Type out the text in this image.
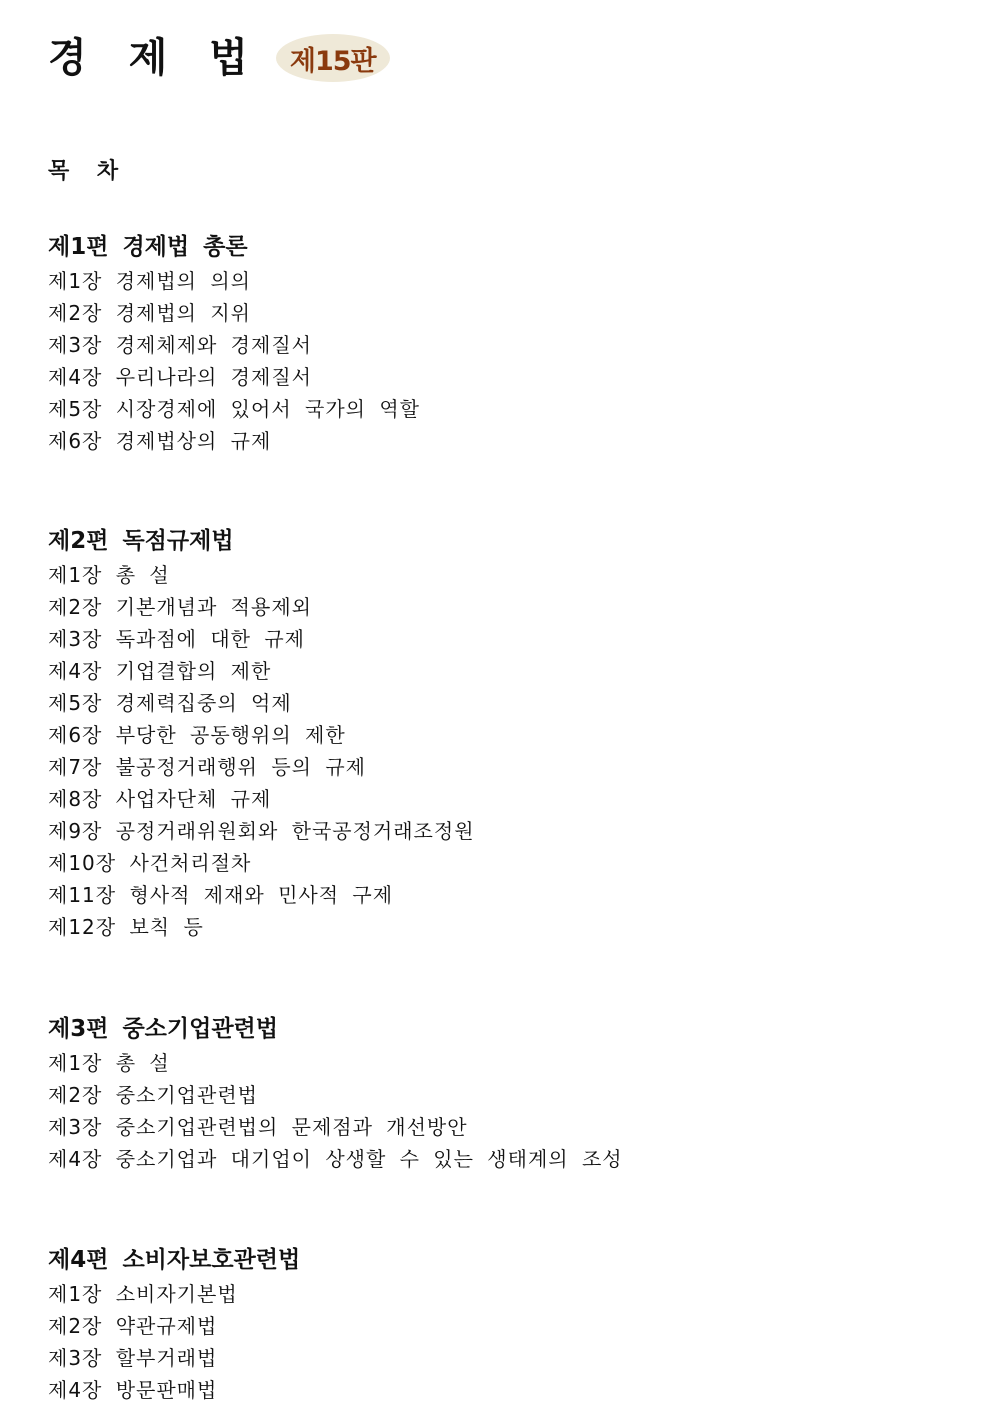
경 제 법	제15판
목 차
제1편 경제법 총론
제1장 경제법의 의의
제2장 경제법의 지위
제3장 경제체제와 경제질서
제4장 우리나라의 경제질서
제5장 시장경제에 있어서 국가의 역할
제6장 경제법상의 규제
제2편 독점규제법
제1장 총 설
제2장 기본개념과 적용제외
제3장 독과점에 대한 규제
제4장 기업결합의 제한
제5장 경제력집중의 억제
제6장 부당한 공동행위의 제한
제7장 불공정거래행위 등의 규제
제8장 사업자단체 규제
제9장 공정거래위원회와 한국공정거래조정원
제10장 사건처리절차
제11장 형사적 제재와 민사적 구제
제12장 보칙 등
제3편 중소기업관련법
제1장 총 설
제2장 중소기업관련법
제3장 중소기업관련법의 문제점과 개선방안
제4장 중소기업과 대기업이 상생할 수 있는 생태계의 조성
제4편 소비자보호관련법
제1장 소비자기본법
제2장 약관규제법
제3장 할부거래법
제4장 방문판매법
